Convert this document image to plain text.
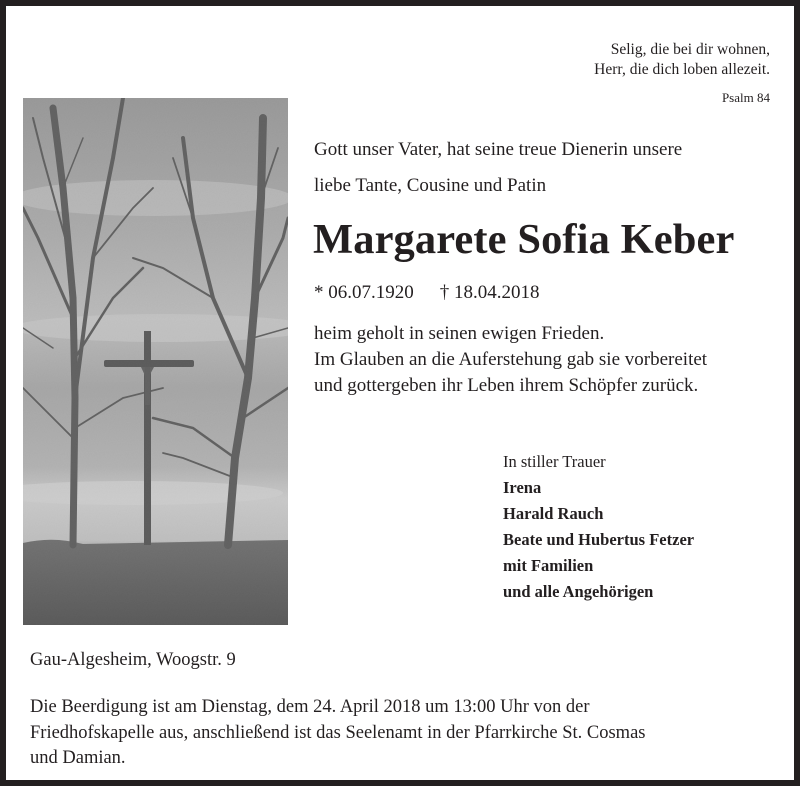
Selig, die bei dir wohnen,
Herr, die dich loben allezeit.
Psalm 84
Gott unser Vater, hat seine treue Dienerin unsere
liebe Tante, Cousine und Patin
Margarete Sofia Keber
* 06.07.1920 † 18.04.2018
heim geholt in seinen ewigen Frieden.
Im Glauben an die Auferstehung gab sie vorbereitet
und gottergeben ihr Leben ihrem Schöpfer zurück.
In stiller Trauer
Irena
Harald Rauch
Beate und Hubertus Fetzer
mit Familien
und alle Angehörigen
Gau-Algesheim, Woogstr. 9
Die Beerdigung ist am Dienstag, dem 24. April 2018 um 13:00 Uhr von der
Friedhofskapelle aus, anschließend ist das Seelenamt in der Pfarrkirche St. Cosmas
und Damian.
